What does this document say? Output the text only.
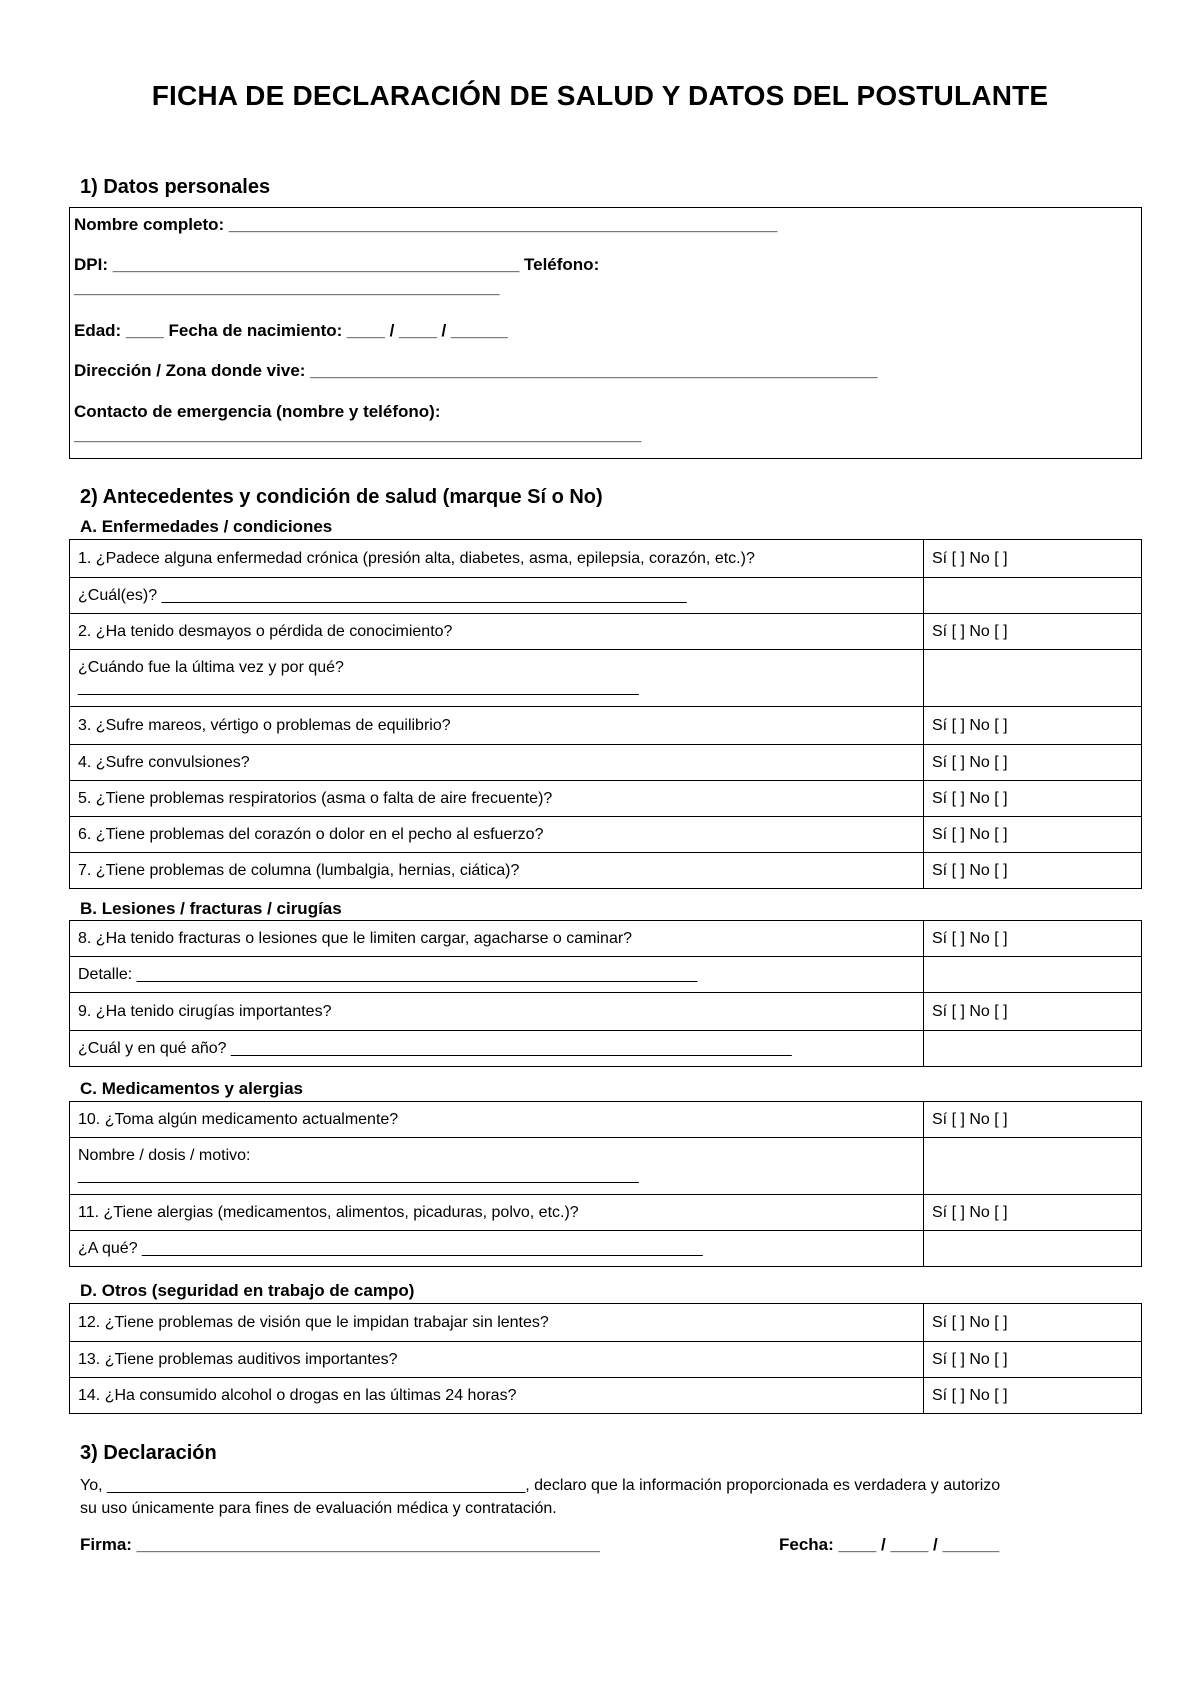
FICHA DE DECLARACIÓN DE SALUD Y DATOS DEL POSTULANTE
1) Datos personales
Nombre completo: __________________________________________________________
DPI: ___________________________________________ Teléfono:
_____________________________________________
Edad: ____ Fecha de nacimiento: ____ / ____ / ______
Dirección / Zona donde vive: ____________________________________________________________
Contacto de emergencia (nombre y teléfono):
____________________________________________________________
2) Antecedentes y condición de salud (marque Sí o No)
A. Enfermedades / condiciones
1. ¿Padece alguna enfermedad crónica (presión alta, diabetes, asma, epilepsia, corazón, etc.)?	Sí [ ] No [ ]
¿Cuál(es)? ___________________________________________________________	
2. ¿Ha tenido desmayos o pérdida de conocimiento?	Sí [ ] No [ ]

¿Cuándo fue la última vez y por qué?
_______________________________________________________________	

3. ¿Sufre mareos, vértigo o problemas de equilibrio?	Sí [ ] No [ ]
4. ¿Sufre convulsiones?	Sí [ ] No [ ]
5. ¿Tiene problemas respiratorios (asma o falta de aire frecuente)?	Sí [ ] No [ ]
6. ¿Tiene problemas del corazón o dolor en el pecho al esfuerzo?	Sí [ ] No [ ]
7. ¿Tiene problemas de columna (lumbalgia, hernias, ciática)?	Sí [ ] No [ ]
B. Lesiones / fracturas / cirugías
8. ¿Ha tenido fracturas o lesiones que le limiten cargar, agacharse o caminar?	Sí [ ] No [ ]
Detalle: _______________________________________________________________	
9. ¿Ha tenido cirugías importantes?	Sí [ ] No [ ]
¿Cuál y en qué año? _______________________________________________________________	
C. Medicamentos y alergias
10. ¿Toma algún medicamento actualmente?	Sí [ ] No [ ]

Nombre / dosis / motivo:
_______________________________________________________________	

11. ¿Tiene alergias (medicamentos, alimentos, picaduras, polvo, etc.)?	Sí [ ] No [ ]
¿A qué? _______________________________________________________________	
D. Otros (seguridad en trabajo de campo)
12. ¿Tiene problemas de visión que le impidan trabajar sin lentes?	Sí [ ] No [ ]
13. ¿Tiene problemas auditivos importantes?	Sí [ ] No [ ]
14. ¿Ha consumido alcohol o drogas en las últimas 24 horas?	Sí [ ] No [ ]
3) Declaración
Yo, _______________________________________________, declaro que la información proporcionada es verdadera y autorizo
su uso únicamente para fines de evaluación médica y contratación.
Firma: _________________________________________________	Fecha: ____ / ____ / ______
